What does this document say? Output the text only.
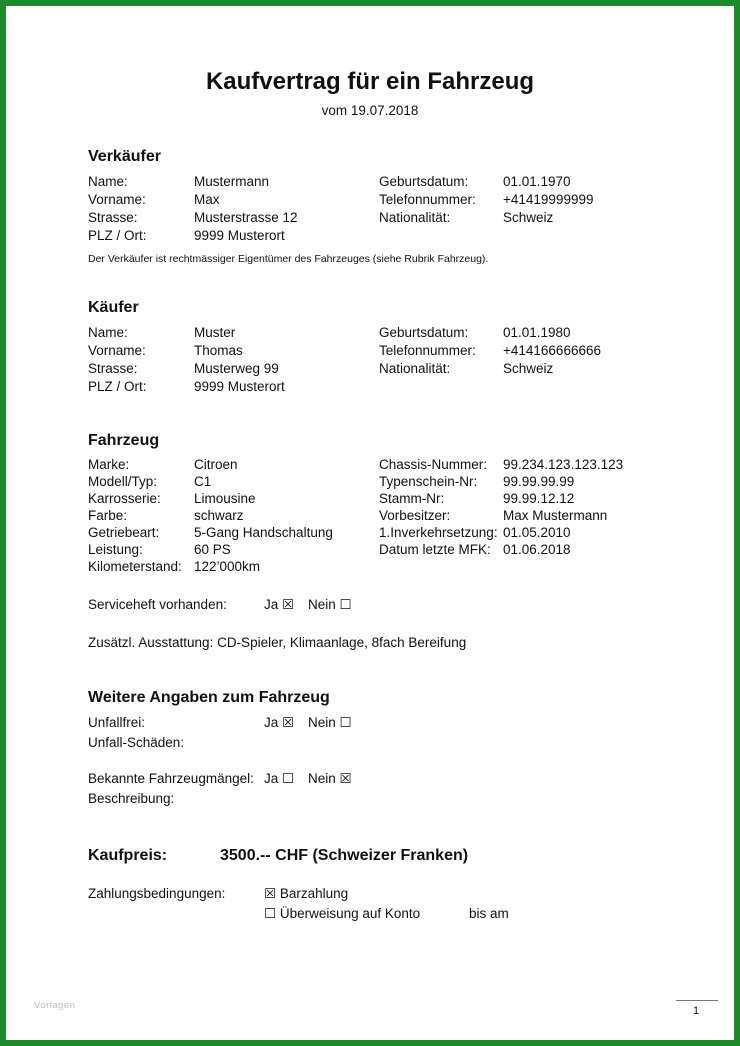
Kaufvertrag für ein Fahrzeug
vom 19.07.2018
Verkäufer
Name:	Mustermann	Geburtsdatum:	01.01.1970
Vorname:	Max	Telefonnummer: +41419999999
Strasse:	Musterstrasse 12	Nationalität:	Schweiz
PLZ / Ort:	9999 Musterort
Der Verkäufer ist rechtmässiger Eigentümer des Fahrzeuges (siehe Rubrik Fahrzeug).
Käufer
Name:	Muster	Geburtsdatum:	01.01.1980
Vorname:	Thomas	Telefonnummer: +414166666666
Strasse:	Musterweg 99	Nationalität:	Schweiz
PLZ / Ort:	9999 Musterort
Fahrzeug
Marke:	Citroen	Chassis-Nummer: 99.234.123.123.123
Modell/Typ:	C1	Typenschein-Nr: 99.99.99.99
Karrosserie: Limousine	Stamm-Nr:	99.99.12.12
Farbe:	schwarz	Vorbesitzer:	Max Mustermann
Getriebeart:	5-Gang Handschaltung	1.Inverkehrsetzung: 01.05.2010
Leistung:	60 PS	Datum letzte MFK: 01.06.2018
Kilometerstand: 122’000km
Serviceheft vorhanden:	Ja ☒ Nein ☐
Zusätzl. Ausstattung: CD-Spieler, Klimaanlage, 8fach Bereifung
Weitere Angaben zum Fahrzeug
Unfallfrei:	Ja ☒ Nein ☐
Unfall-Schäden:
Bekannte Fahrzeugmängel: Ja ☐ Nein ☒
Beschreibung:
Kaufpreis:	3500.-- CHF (Schweizer Franken)
Zahlungsbedingungen:	☒ Barzahlung
☐ Überweisung auf Konto	bis am
Vorlagen	1
